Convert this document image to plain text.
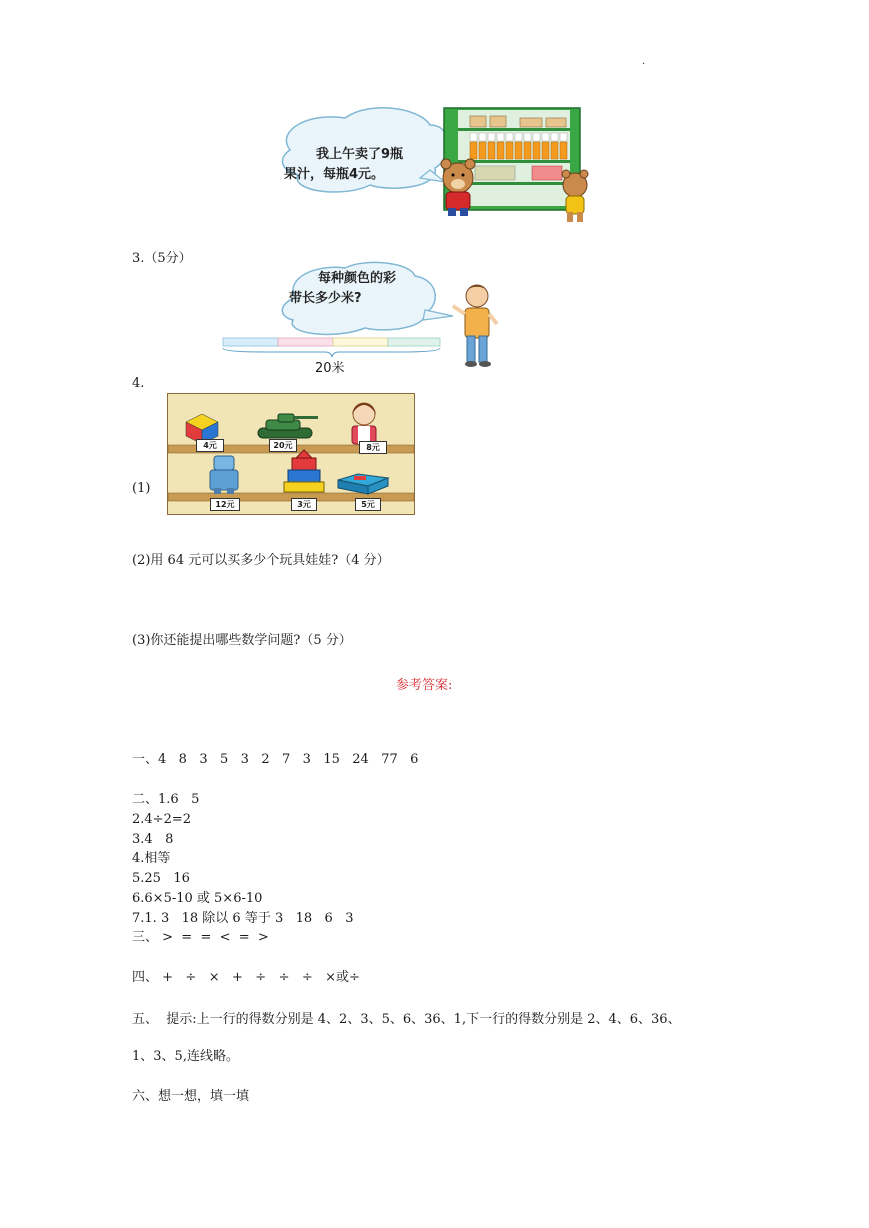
.
我上午卖了9瓶
果汁，每瓶4元。
3.（5分）
每种颜色的彩
带长多少米?
20米
4.
4元	20元	8元
12元	3元	5元
(1)
(2)用 64 元可以买多少个玩具娃娃?（4 分）
(3)你还能提出哪些数学问题?（5 分）
参考答案:
一、4   8   3   5   3   2   7   3   15   24   77   6
二、1.6   5
2.4÷2=2
3.4   8
4.相等
5.25   16
6.6×5-10 或 5×6-10
7.1. 3   18 除以 6 等于 3   18   6   3
三、 >  =  =  <  =  >
四、 +   ÷   ×   +   ÷   ÷   ÷   ×或÷
五、  提示:上一行的得数分别是 4、2、3、5、6、36、1,下一行的得数分别是 2、4、6、36、
1、3、5,连线略。
六、想一想，填一填
